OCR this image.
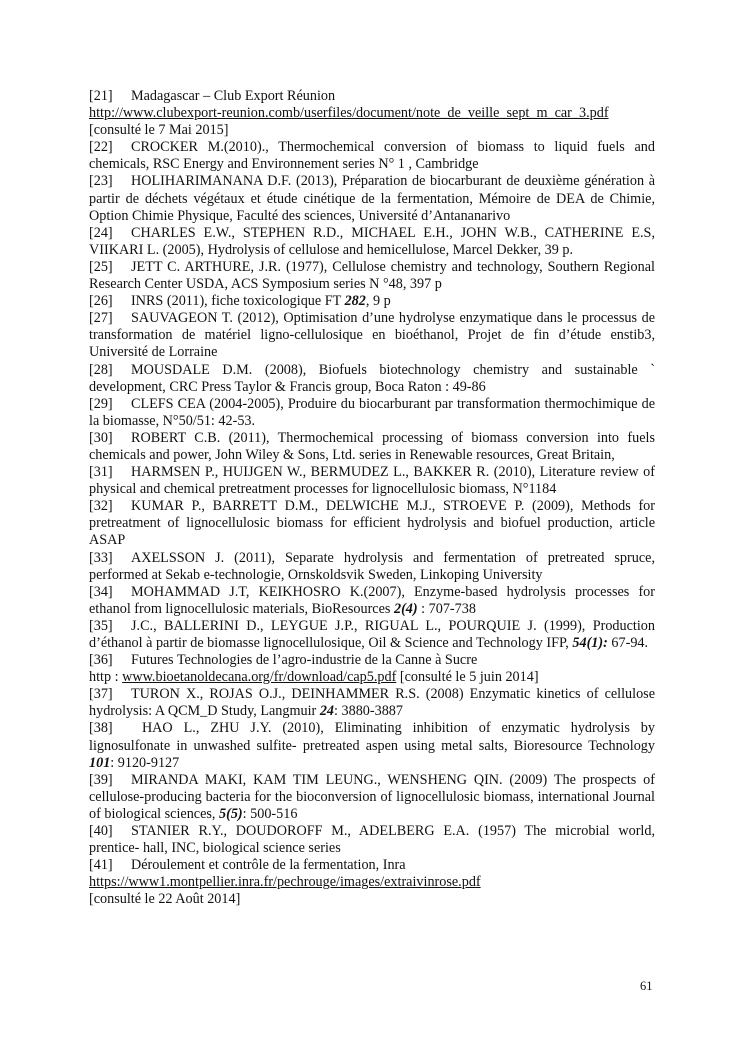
[21] Madagascar – Club Export Réunion
http://www.clubexport-reunion.comb/userfiles/document/note_de_veille_sept_m_car_3.pdf
[consulté le 7 Mai 2015]
[22] CROCKER M.(2010)., Thermochemical conversion of biomass to liquid fuels and chemicals, RSC Energy and Environnement series N° 1 , Cambridge
[23] HOLIHARIMANANA D.F. (2013), Préparation de biocarburant de deuxième génération à partir de déchets végétaux et étude cinétique de la fermentation, Mémoire de DEA de Chimie, Option Chimie Physique, Faculté des sciences, Université d’Antananarivo
[24] CHARLES E.W., STEPHEN R.D., MICHAEL E.H., JOHN W.B., CATHERINE E.S, VIIKARI L. (2005), Hydrolysis of cellulose and hemicellulose, Marcel Dekker, 39 p.
[25] JETT C. ARTHURE, J.R. (1977), Cellulose chemistry and technology, Southern Regional Research Center USDA, ACS Symposium series N °48, 397 p
[26] INRS (2011), fiche toxicologique FT 282, 9 p
[27] SAUVAGEON T. (2012), Optimisation d’une hydrolyse enzymatique dans le processus de transformation de matériel ligno-cellulosique en bioéthanol, Projet de fin d’étude enstib3, Université de Lorraine
[28] MOUSDALE D.M. (2008), Biofuels biotechnology chemistry and sustainable ` development, CRC Press Taylor & Francis group, Boca Raton : 49-86
[29] CLEFS CEA (2004-2005), Produire du biocarburant par transformation thermochimique de la biomasse, N°50/51: 42-53.
[30] ROBERT C.B. (2011), Thermochemical processing of biomass conversion into fuels chemicals and power, John Wiley & Sons, Ltd. series in Renewable resources, Great Britain,
[31] HARMSEN P., HUIJGEN W., BERMUDEZ L., BAKKER R. (2010), Literature review of physical and chemical pretreatment processes for lignocellulosic biomass, N°1184
[32] KUMAR P., BARRETT D.M., DELWICHE M.J., STROEVE P. (2009), Methods for pretreatment of lignocellulosic biomass for efficient hydrolysis and biofuel production, article ASAP
[33] AXELSSON J. (2011), Separate hydrolysis and fermentation of pretreated spruce, performed at Sekab e-technologie, Ornskoldsvik Sweden, Linkoping University
[34] MOHAMMAD J.T, KEIKHOSRO K.(2007), Enzyme-based hydrolysis processes for ethanol from lignocellulosic materials, BioResources 2(4) : 707-738
[35] J.C., BALLERINI D., LEYGUE J.P., RIGUAL L., POURQUIE J. (1999), Production d’éthanol à partir de biomasse lignocellulosique, Oil & Science and Technology IFP, 54(1): 67-94.
[36] Futures Technologies de l’agro-industrie de la Canne à Sucre
http : www.bioetanoldecana.org/fr/download/cap5.pdf [consulté le 5 juin 2014]
[37] TURON X., ROJAS O.J., DEINHAMMER R.S. (2008) Enzymatic kinetics of cellulose hydrolysis: A QCM_D Study, Langmuir 24: 3880-3887
[38] HAO L., ZHU J.Y. (2010), Eliminating inhibition of enzymatic hydrolysis by lignosulfonate in unwashed sulfite- pretreated aspen using metal salts, Bioresource Technology 101: 9120-9127
[39] MIRANDA MAKI, KAM TIM LEUNG., WENSHENG QIN. (2009) The prospects of cellulose-producing bacteria for the bioconversion of lignocellulosic biomass, international Journal of biological sciences, 5(5): 500-516
[40] STANIER R.Y., DOUDOROFF M., ADELBERG E.A. (1957) The microbial world, prentice- hall, INC, biological science series
[41] Déroulement et contrôle de la fermentation, Inra
https://www1.montpellier.inra.fr/pechrouge/images/extraivinrose.pdf
[consulté le 22 Août 2014]
61
